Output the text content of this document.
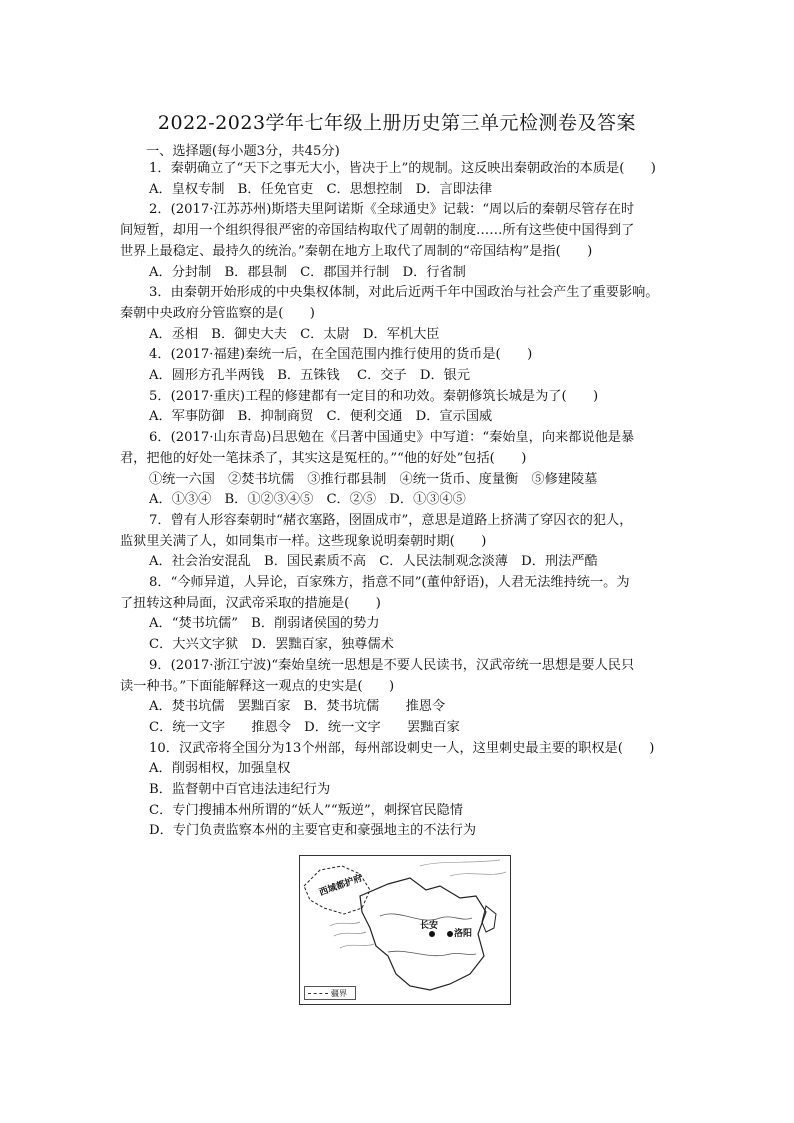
2022-2023学年七年级上册历史第三单元检测卷及答案
一、选择题(每小题3分，共45分)
1．秦朝确立了“天下之事无大小，皆决于上”的规制。这反映出秦朝政治的本质是(　　)
A．皇权专制　B．任免官吏　C．思想控制　D．言即法律
2．(2017·江苏苏州)斯塔夫里阿诺斯《全球通史》记载：“周以后的秦朝尽管存在时
间短暂，却用一个组织得很严密的帝国结构取代了周朝的制度……所有这些使中国得到了
世界上最稳定、最持久的统治。”秦朝在地方上取代了周制的“帝国结构”是指(　　)
A．分封制　B．郡县制　C．郡国并行制　D．行省制
3．由秦朝开始形成的中央集权体制，对此后近两千年中国政治与社会产生了重要影响。
秦朝中央政府分管监察的是(　　)
A．丞相　B．御史大夫　C．太尉　D．军机大臣
4．(2017·福建)秦统一后，在全国范围内推行使用的货币是(　　)
A．圆形方孔半两钱　B．五铢钱　 C．交子　D．银元
5．(2017·重庆)工程的修建都有一定目的和功效。秦朝修筑长城是为了(　　)
A．军事防御　B．抑制商贸　C．便利交通　D．宣示国威
6．(2017·山东青岛)吕思勉在《吕著中国通史》中写道：“秦始皇，向来都说他是暴
君，把他的好处一笔抹杀了，其实这是冤枉的。”“他的好处”包括(　　)
①统一六国　②焚书坑儒　③推行郡县制　④统一货币、度量衡　⑤修建陵墓
A．①③④　B．①②③④⑤　C．②⑤　D．①③④⑤
7．曾有人形容秦朝时“赭衣塞路，囹圄成市”，意思是道路上挤满了穿囚衣的犯人，
监狱里关满了人，如同集市一样。这些现象说明秦朝时期(　　)
A．社会治安混乱　B．国民素质不高　C．人民法制观念淡薄　D．刑法严酷
8．“今师异道，人异论，百家殊方，指意不同”(董仲舒语)，人君无法维持统一。为
了扭转这种局面，汉武帝采取的措施是(　　)
A．“焚书坑儒”　B．削弱诸侯国的势力
C．大兴文字狱　D．罢黜百家，独尊儒术
9．(2017·浙江宁波)“秦始皇统一思想是不要人民读书，汉武帝统一思想是要人民只
读一种书。”下面能解释这一观点的史实是(　　)
A．焚书坑儒　罢黜百家　B．焚书坑儒　　推恩令
C．统一文字　　推恩令　D．统一文字　　罢黜百家
10．汉武帝将全国分为13个州部，每州部设刺史一人，这里刺史最主要的职权是(　　)
A．削弱相权，加强皇权
B．监督朝中百官违法违纪行为
C．专门搜捕本州所谓的“妖人”“叛逆”，刺探官民隐情
D．专门负责监察本州的主要官吏和豪强地主的不法行为
西域都护府
长安
洛阳
疆界
